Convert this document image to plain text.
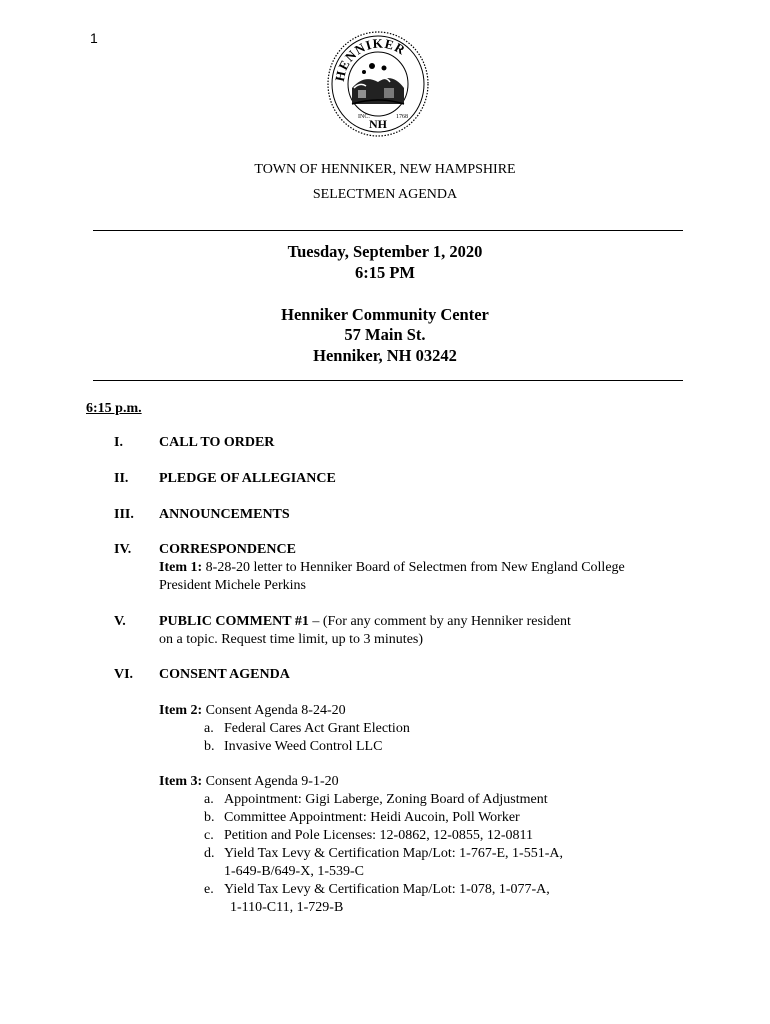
1
HENNIKER
INC.	1768
NH
TOWN OF HENNIKER, NEW HAMPSHIRE
SELECTMEN AGENDA
Tuesday, September 1, 2020
6:15 PM
Henniker Community Center
57 Main St.
Henniker, NH 03242
6:15 p.m.
I.	CALL TO ORDER
II. PLEDGE OF ALLEGIANCE
III. ANNOUNCEMENTS
IV. CORRESPONDENCE
Item 1: 8-28-20 letter to Henniker Board of Selectmen from New England College
President Michele Perkins
V. PUBLIC COMMENT #1 – (For any comment by any Henniker resident
on a topic. Request time limit, up to 3 minutes)
VI. CONSENT AGENDA
Item 2: Consent Agenda 8-24-20
a. Federal Cares Act Grant Election
b. Invasive Weed Control LLC
Item 3: Consent Agenda 9-1-20
a. Appointment: Gigi Laberge, Zoning Board of Adjustment
b. Committee Appointment: Heidi Aucoin, Poll Worker
c. Petition and Pole Licenses: 12-0862, 12-0855, 12-0811
d. Yield Tax Levy & Certification Map/Lot: 1-767-E, 1-551-A,
1-649-B/649-X, 1-539-C
e. Yield Tax Levy & Certification Map/Lot: 1-078, 1-077-A,
1-110-C11, 1-729-B
